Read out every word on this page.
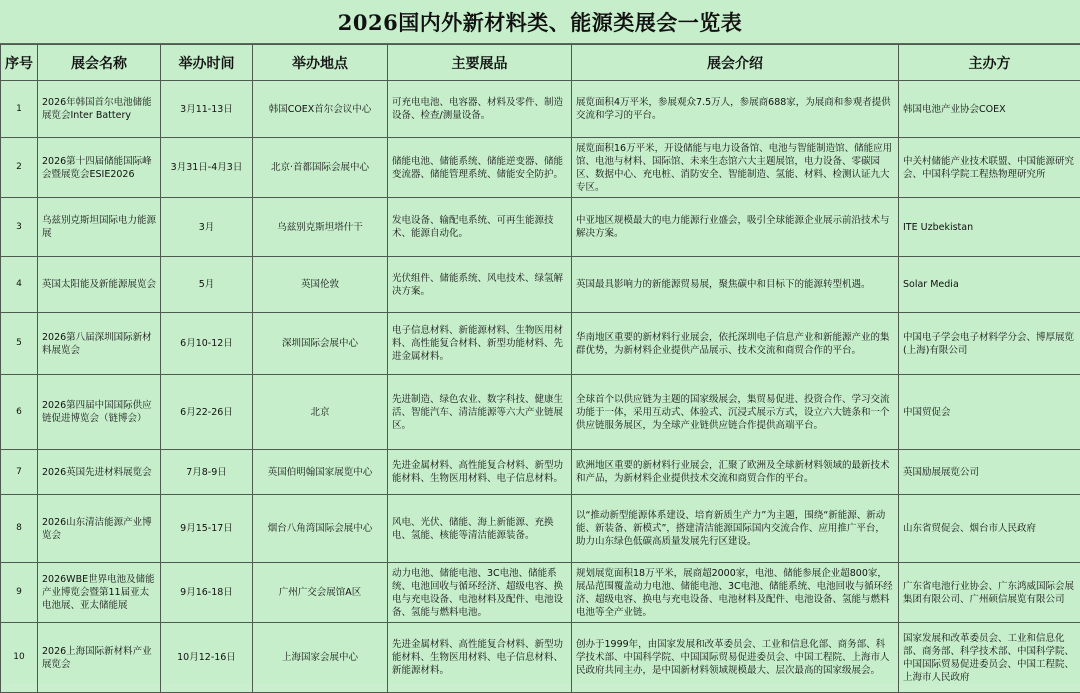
2026国内外新材料类、能源类展会一览表
序号	展会名称	举办时间	举办地点	主要展品	展会介绍	主办方
1	2026年韩国首尔电池储能展览会Inter Battery	3月11-13日	韩国COEX首尔会议中心	可充电电池、电容器、材料及零件、制造设备、检查/测量设备。	展览面积4万平米，参展观众7.5万人，参展商688家，为展商和参观者提供交流和学习的平台。	韩国电池产业协会COEX
2	2026第十四届储能国际峰会暨展览会ESIE2026	3月31日-4月3日	北京·首都国际会展中心	储能电池、储能系统、储能逆变器、储能变流器、储能管理系统、储能安全防护。	展览面积16万平米，开设储能与电力设备馆、电池与智能制造馆、储能应用馆、电池与材料、国际馆、未来生态馆六大主题展馆，电力设备、零碳园区、数据中心、充电桩、消防安全、智能制造、氢能、材料、检测认证九大专区。	中关村储能产业技术联盟、中国能源研究会、中国科学院工程热物理研究所
3	乌兹别克斯坦国际电力能源展	3月	乌兹别克斯坦塔什干	发电设备、输配电系统、可再生能源技术、能源自动化。	中亚地区规模最大的电力能源行业盛会，吸引全球能源企业展示前沿技术与解决方案。	ITE Uzbekistan
4	英国太阳能及新能源展览会	5月	英国伦敦	光伏组件、储能系统、风电技术、绿氢解决方案。	英国最具影响力的新能源贸易展，聚焦碳中和目标下的能源转型机遇。	Solar Media
5	2026第八届深圳国际新材料展览会	6月10-12日	深圳国际会展中心	电子信息材料、新能源材料、生物医用材料、高性能复合材料、新型功能材料、先进金属材料。	华南地区重要的新材料行业展会，依托深圳电子信息产业和新能源产业的集群优势，为新材料企业提供产品展示、技术交流和商贸合作的平台。	中国电子学会电子材料学分会、博厚展览(上海)有限公司
6	2026第四届中国国际供应链促进博览会（链博会）	6月22-26日	北京	先进制造、绿色农业、数字科技、健康生活、智能汽车、清洁能源等六大产业链展区。	全球首个以供应链为主题的国家级展会，集贸易促进、投资合作、学习交流功能于一体，采用互动式、体验式、沉浸式展示方式，设立六大链条和一个供应链服务展区，为全球产业链供应链合作提供高端平台。	中国贸促会
7	2026英国先进材料展览会	7月8-9日	英国伯明翰国家展览中心	先进金属材料、高性能复合材料、新型功能材料、生物医用材料、电子信息材料。	欧洲地区重要的新材料行业展会，汇聚了欧洲及全球新材料领域的最新技术和产品，为新材料企业提供技术交流和商贸合作的平台。	英国励展展览公司
8	2026山东清洁能源产业博览会	9月15-17日	烟台八角湾国际会展中心	风电、光伏、储能、海上新能源、充换电、氢能、核能等清洁能源装备。	以“推动新型能源体系建设、培育新质生产力”为主题，围绕“新能源、新动能、新装备、新模式”，搭建清洁能源国际国内交流合作、应用推广平台，助力山东绿色低碳高质量发展先行区建设。	山东省贸促会、烟台市人民政府
9	2026WBE世界电池及储能产业博览会暨第11届亚太电池展、亚太储能展	9月16-18日	广州广交会展馆A区	动力电池、储能电池、3C电池、储能系统、电池回收与循环经济、超级电容、换电与充电设备、电池材料及配件、电池设备、氢能与燃料电池。	规划展览面积18万平米，展商超2000家，电池、储能参展企业超800家，展品范围覆盖动力电池、储能电池、3C电池、储能系统、电池回收与循环经济、超级电容、换电与充电设备、电池材料及配件、电池设备、氢能与燃料电池等全产业链。	广东省电池行业协会、广东鸿威国际会展集团有限公司、广州硕信展览有限公司
10	2026上海国际新材料产业展览会	10月12-16日	上海国家会展中心	先进金属材料、高性能复合材料、新型功能材料、生物医用材料、电子信息材料、新能源材料。	创办于1999年，由国家发展和改革委员会、工业和信息化部、商务部、科学技术部、中国科学院、中国国际贸易促进委员会、中国工程院、上海市人民政府共同主办，是中国新材料领域规模最大、层次最高的国家级展会。	国家发展和改革委员会、工业和信息化部、商务部、科学技术部、中国科学院、中国国际贸易促进委员会、中国工程院、上海市人民政府
